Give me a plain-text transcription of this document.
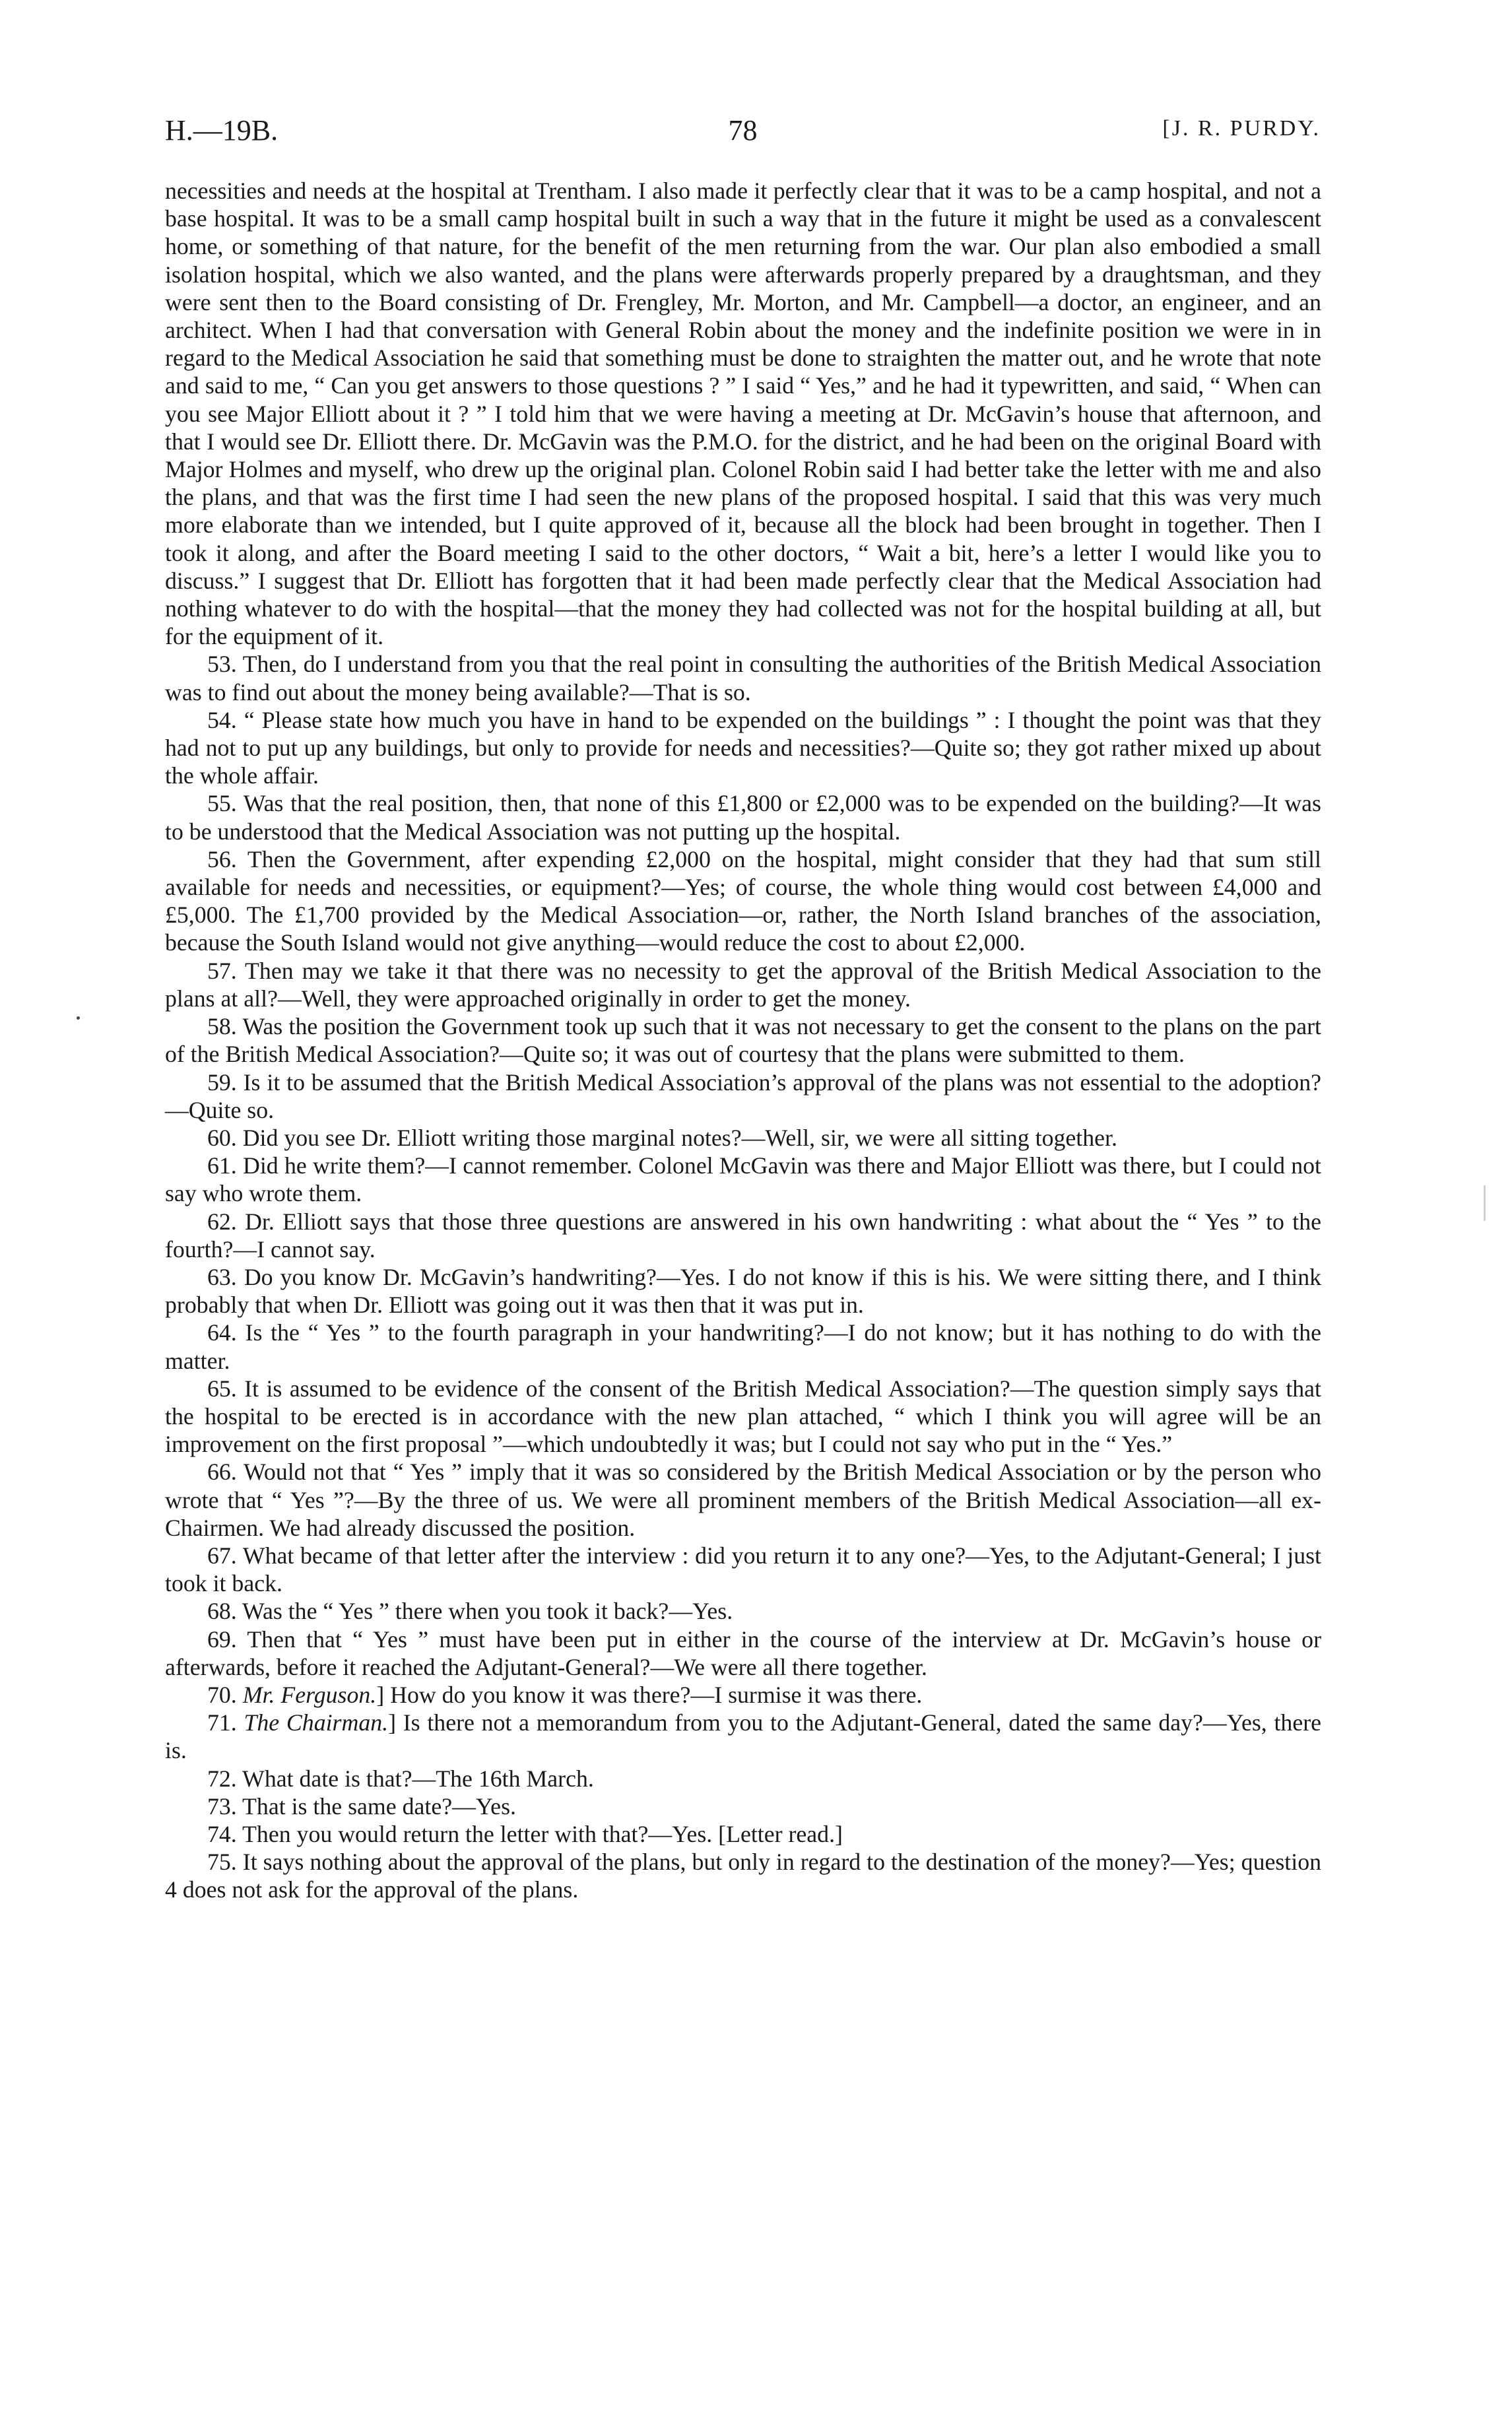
H.—19B.	78	[J. R. PURDY.

necessities and needs at the hospital at Trentham. I also made it perfectly clear that it was to be a camp hospital, and not a base hospital. It was to be a small camp hospital built in such a way that in the future it might be used as a convalescent home, or something of that nature, for the benefit of the men returning from the war. Our plan also embodied a small isolation hospital, which we also wanted, and the plans were afterwards properly prepared by a draughtsman, and they were sent then to the Board consisting of Dr. Frengley, Mr. Morton, and Mr. Campbell—a doctor, an engineer, and an architect. When I had that conversation with General Robin about the money and the indefinite position we were in in regard to the Medical Association he said that something must be done to straighten the matter out, and he wrote that note and said to me, “ Can you get answers to those questions ? ” I said “ Yes,” and he had it typewritten, and said, “ When can you see Major Elliott about it ? ” I told him that we were having a meeting at Dr. McGavin’s house that afternoon, and that I would see Dr. Elliott there. Dr. McGavin was the P.M.O. for the district, and he had been on the original Board with Major Holmes and myself, who drew up the original plan. Colonel Robin said I had better take the letter with me and also the plans, and that was the first time I had seen the new plans of the proposed hospital. I said that this was very much more elaborate than we intended, but I quite approved of it, because all the block had been brought in together. Then I took it along, and after the Board meeting I said to the other doctors, “ Wait a bit, here’s a letter I would like you to discuss.” I suggest that Dr. Elliott has forgotten that it had been made perfectly clear that the Medical Association had nothing whatever to do with the hospital—that the money they had collected was not for the hospital building at all, but for the equipment of it.

53. Then, do I understand from you that the real point in consulting the authorities of the British Medical Association was to find out about the money being available?—That is so.

54. “ Please state how much you have in hand to be expended on the buildings ” : I thought the point was that they had not to put up any buildings, but only to provide for needs and necessities?—Quite so; they got rather mixed up about the whole affair.

55. Was that the real position, then, that none of this £1,800 or £2,000 was to be expended on the building?—It was to be understood that the Medical Association was not putting up the hospital.

56. Then the Government, after expending £2,000 on the hospital, might consider that they had that sum still available for needs and necessities, or equipment?—Yes; of course, the whole thing would cost between £4,000 and £5,000. The £1,700 provided by the Medical Association—or, rather, the North Island branches of the association, because the South Island would not give anything—would reduce the cost to about £2,000.

57. Then may we take it that there was no necessity to get the approval of the British Medical Association to the plans at all?—Well, they were approached originally in order to get the money.

58. Was the position the Government took up such that it was not necessary to get the consent to the plans on the part of the British Medical Association?—Quite so; it was out of courtesy that the plans were submitted to them.

59. Is it to be assumed that the British Medical Association’s approval of the plans was not essential to the adoption?—Quite so.

60. Did you see Dr. Elliott writing those marginal notes?—Well, sir, we were all sitting together.

61. Did he write them?—I cannot remember. Colonel McGavin was there and Major Elliott was there, but I could not say who wrote them.

62. Dr. Elliott says that those three questions are answered in his own handwriting : what about the “ Yes ” to the fourth?—I cannot say.

63. Do you know Dr. McGavin’s handwriting?—Yes. I do not know if this is his. We were sitting there, and I think probably that when Dr. Elliott was going out it was then that it was put in.

64. Is the “ Yes ” to the fourth paragraph in your handwriting?—I do not know; but it has nothing to do with the matter.

65. It is assumed to be evidence of the consent of the British Medical Association?—The question simply says that the hospital to be erected is in accordance with the new plan attached, “ which I think you will agree will be an improvement on the first proposal ”—which undoubtedly it was; but I could not say who put in the “ Yes.”

66. Would not that “ Yes ” imply that it was so considered by the British Medical Association or by the person who wrote that “ Yes ”?—By the three of us. We were all prominent members of the British Medical Association—all ex-Chairmen. We had already discussed the position.

67. What became of that letter after the interview : did you return it to any one?—Yes, to the Adjutant-General; I just took it back.

68. Was the “ Yes ” there when you took it back?—Yes.

69. Then that “ Yes ” must have been put in either in the course of the interview at Dr. McGavin’s house or afterwards, before it reached the Adjutant-General?—We were all there together.

70. Mr. Ferguson.] How do you know it was there?—I surmise it was there.

71. The Chairman.] Is there not a memorandum from you to the Adjutant-General, dated the same day?—Yes, there is.

72. What date is that?—The 16th March.

73. That is the same date?—Yes.

74. Then you would return the letter with that?—Yes. [Letter read.]

75. It says nothing about the approval of the plans, but only in regard to the destination of the money?—Yes; question 4 does not ask for the approval of the plans.
